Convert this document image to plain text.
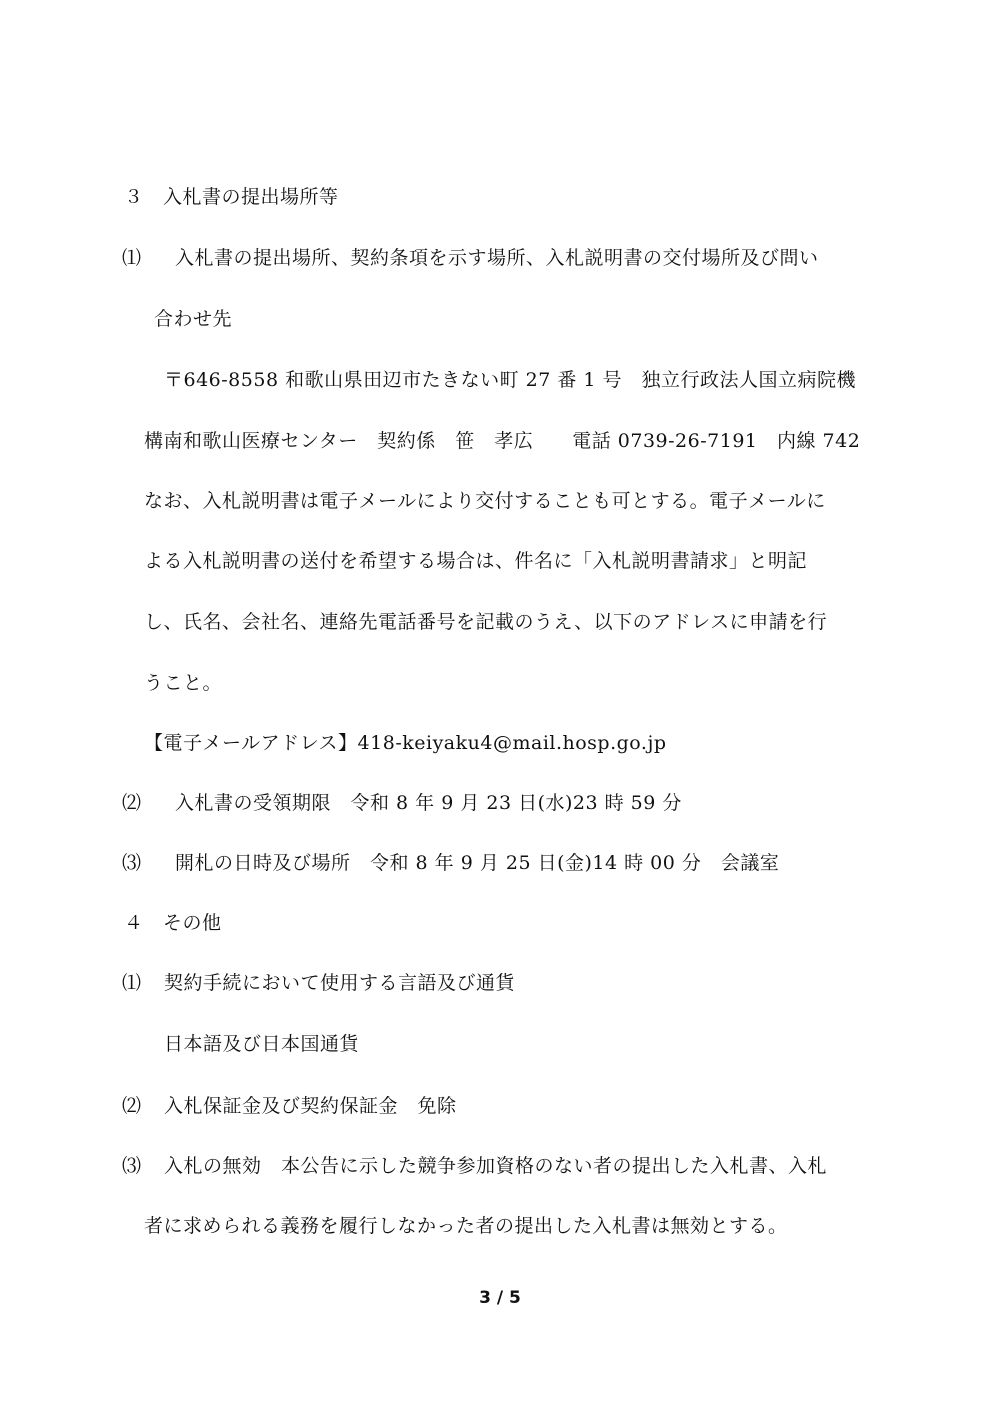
３　入札書の提出場所等
⑴ 入札書の提出場所、契約条項を示す場所、入札説明書の交付場所及び問い
合わせ先
〒646-8558 和歌山県田辺市たきない町 27 番 1 号　独立行政法人国立病院機
構南和歌山医療センター　契約係　笹　孝広　　電話 0739-26-7191　内線 742
なお、入札説明書は電子メールにより交付することも可とする。電子メールに
よる入札説明書の送付を希望する場合は、件名に「入札説明書請求」と明記
し、氏名、会社名、連絡先電話番号を記載のうえ、以下のアドレスに申請を行
うこと。
【電子メールアドレス】418-keiyaku4@mail.hosp.go.jp
⑵ 入札書の受領期限　令和 8 年 9 月 23 日(水)23 時 59 分
⑶ 開札の日時及び場所　令和 8 年 9 月 25 日(金)14 時 00 分　会議室
４　その他
⑴ 契約手続において使用する言語及び通貨
日本語及び日本国通貨
⑵ 入札保証金及び契約保証金　免除
⑶ 入札の無効　本公告に示した競争参加資格のない者の提出した入札書、入札
者に求められる義務を履行しなかった者の提出した入札書は無効とする。
3 / 5
